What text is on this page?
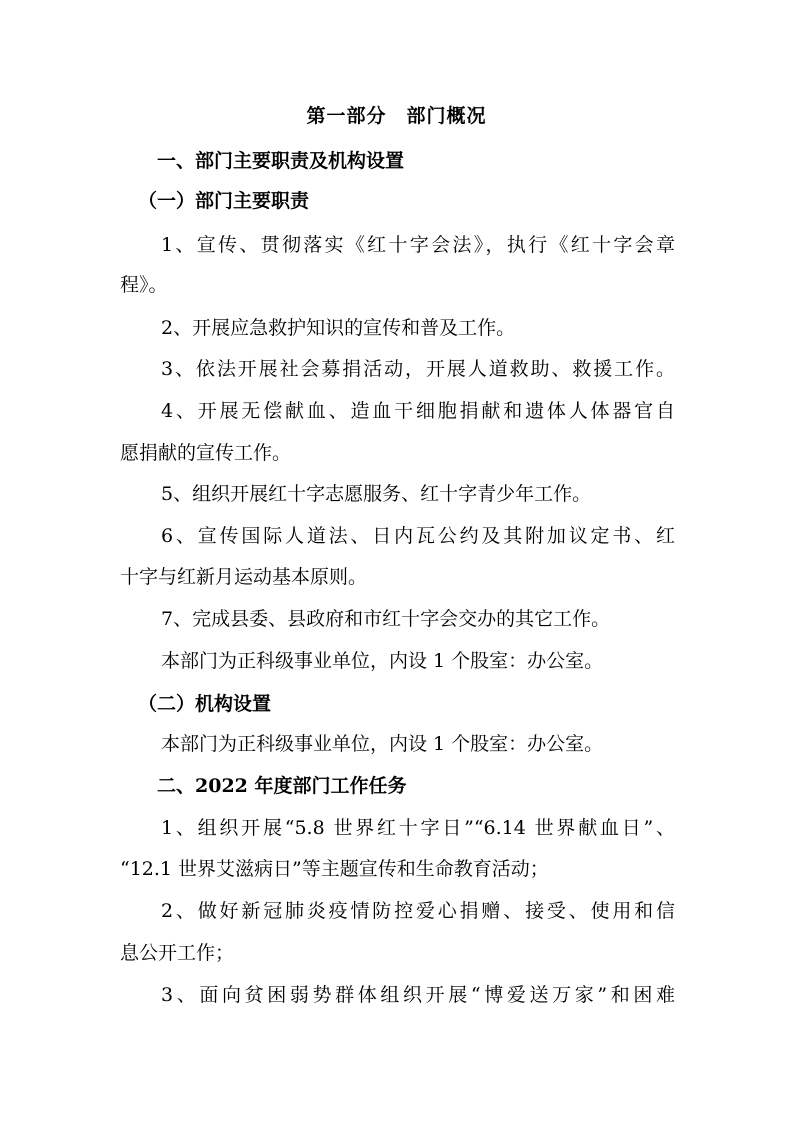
第一部分　部门概况
一、部门主要职责及机构设置
（一）部门主要职责
1、宣传、贯彻落实《红十字会法》，执行《红十字会章
程》。
2、开展应急救护知识的宣传和普及工作。
3、依法开展社会募捐活动，开展人道救助、救援工作。
4、开展无偿献血、造血干细胞捐献和遗体人体器官自
愿捐献的宣传工作。
5、组织开展红十字志愿服务、红十字青少年工作。
6、宣传国际人道法、日内瓦公约及其附加议定书、红
十字与红新月运动基本原则。
7、完成县委、县政府和市红十字会交办的其它工作。
本部门为正科级事业单位，内设 1 个股室：办公室。
（二）机构设置
本部门为正科级事业单位，内设 1 个股室：办公室。
二、2022 年度部门工作任务
1、组织开展“5.8 世界红十字日”“6.14 世界献血日”、
“12.1 世界艾滋病日”等主题宣传和生命教育活动；
2、做好新冠肺炎疫情防控爱心捐赠、接受、使用和信
息公开工作；
3、面向贫困弱势群体组织开展“博爱送万家”和困难
